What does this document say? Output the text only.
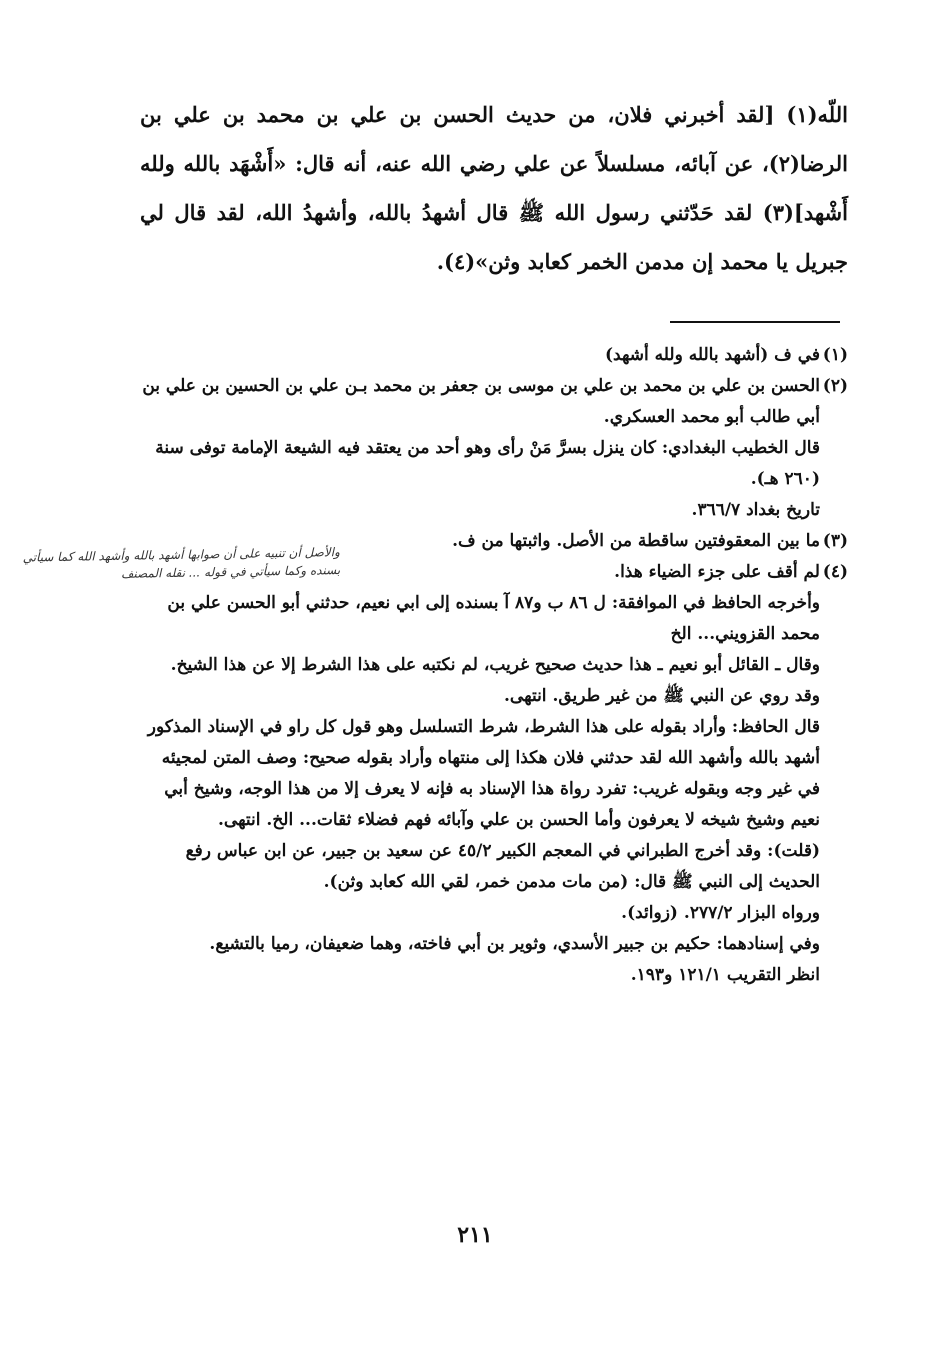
اللّه(١) [لقد أخبرني فلان، من حديث الحسن بن علي بن محمد بن علي بن الرضا(٢)، عن آبائه، مسلسلاً عن علي رضي الله عنه، أنه قال: «أَشْهَد بالله ولله أَشْهد](٣) لقد حَدّثني رسول الله ﷺ قال أشهدُ بالله، وأشهدُ الله، لقد قال لي جبريل يا محمد إن مدمن الخمر كعابد وثن»(٤).

(١)في ف (أشهد بالله ولله أشهد)

(٢)الحسن بن علي بن محمد بن علي بن موسى بن جعفر بن محمد بـن علي بن الحسين بن علي بن أبي طالب أبو محمد العسكري.

قال الخطيب البغدادي: كان ينزل بسرَّ مَنْ رأى وهو أحد من يعتقد فيه الشيعة الإمامة توفى سنة (٢٦٠ هـ).

تاريخ بغداد ٣٦٦/٧.

(٣)ما بين المعقوفتين ساقطة من الأصل. واثبتها من ف.

(٤)لم أقف على جزء الضياء هذا.

وأخرجه الحافظ في الموافقة: ل ٨٦ ب و٨٧ آ بسنده إلى ابي نعيم، حدثني أبو الحسن علي بن محمد القزويني... الخ

وقال ـ القائل أبو نعيم ـ هذا حديث صحيح غريب، لم نكتبه على هذا الشرط إلا عن هذا الشيخ. وقد روي عن النبي ﷺ من غير طريق. انتهى.

قال الحافظ: وأراد بقوله على هذا الشرط، شرط التسلسل وهو قول كل راو في الإسناد المذكور أشهد بالله وأشهد الله لقد حدثني فلان هكذا إلى منتهاه وأراد بقوله صحيح: وصف المتن لمجيئه في غير وجه وبقوله غريب: تفرد رواة هذا الإسناد به فإنه لا يعرف إلا من هذا الوجه، وشيخ أبي نعيم وشيخ شيخه لا يعرفون وأما الحسن بن علي وآبائه فهم فضلاء ثقات... الخ. انتهى.

(قلت): وقد أخرج الطبراني في المعجم الكبير ٤٥/٢ عن سعيد بن جبير، عن ابن عباس رفع الحديث إلى النبي ﷺ قال: (من مات مدمن خمر، لقي الله كعابد وثن).

ورواه البزار ٢٧٧/٢. (زوائد).

وفي إسنادهما: حكيم بن جبير الأسدي، وثوير بن أبي فاخته، وهما ضعيفان، رميا بالتشيع.

انظر التقريب ١٢١/١ و١٩٣.

والأصل أن تنبيه على أن صوابها أشهد بالله وأشهد الله كما سيأتي بسنده وكما سيأتي في قوله ... نقله المصنف
٢١١
